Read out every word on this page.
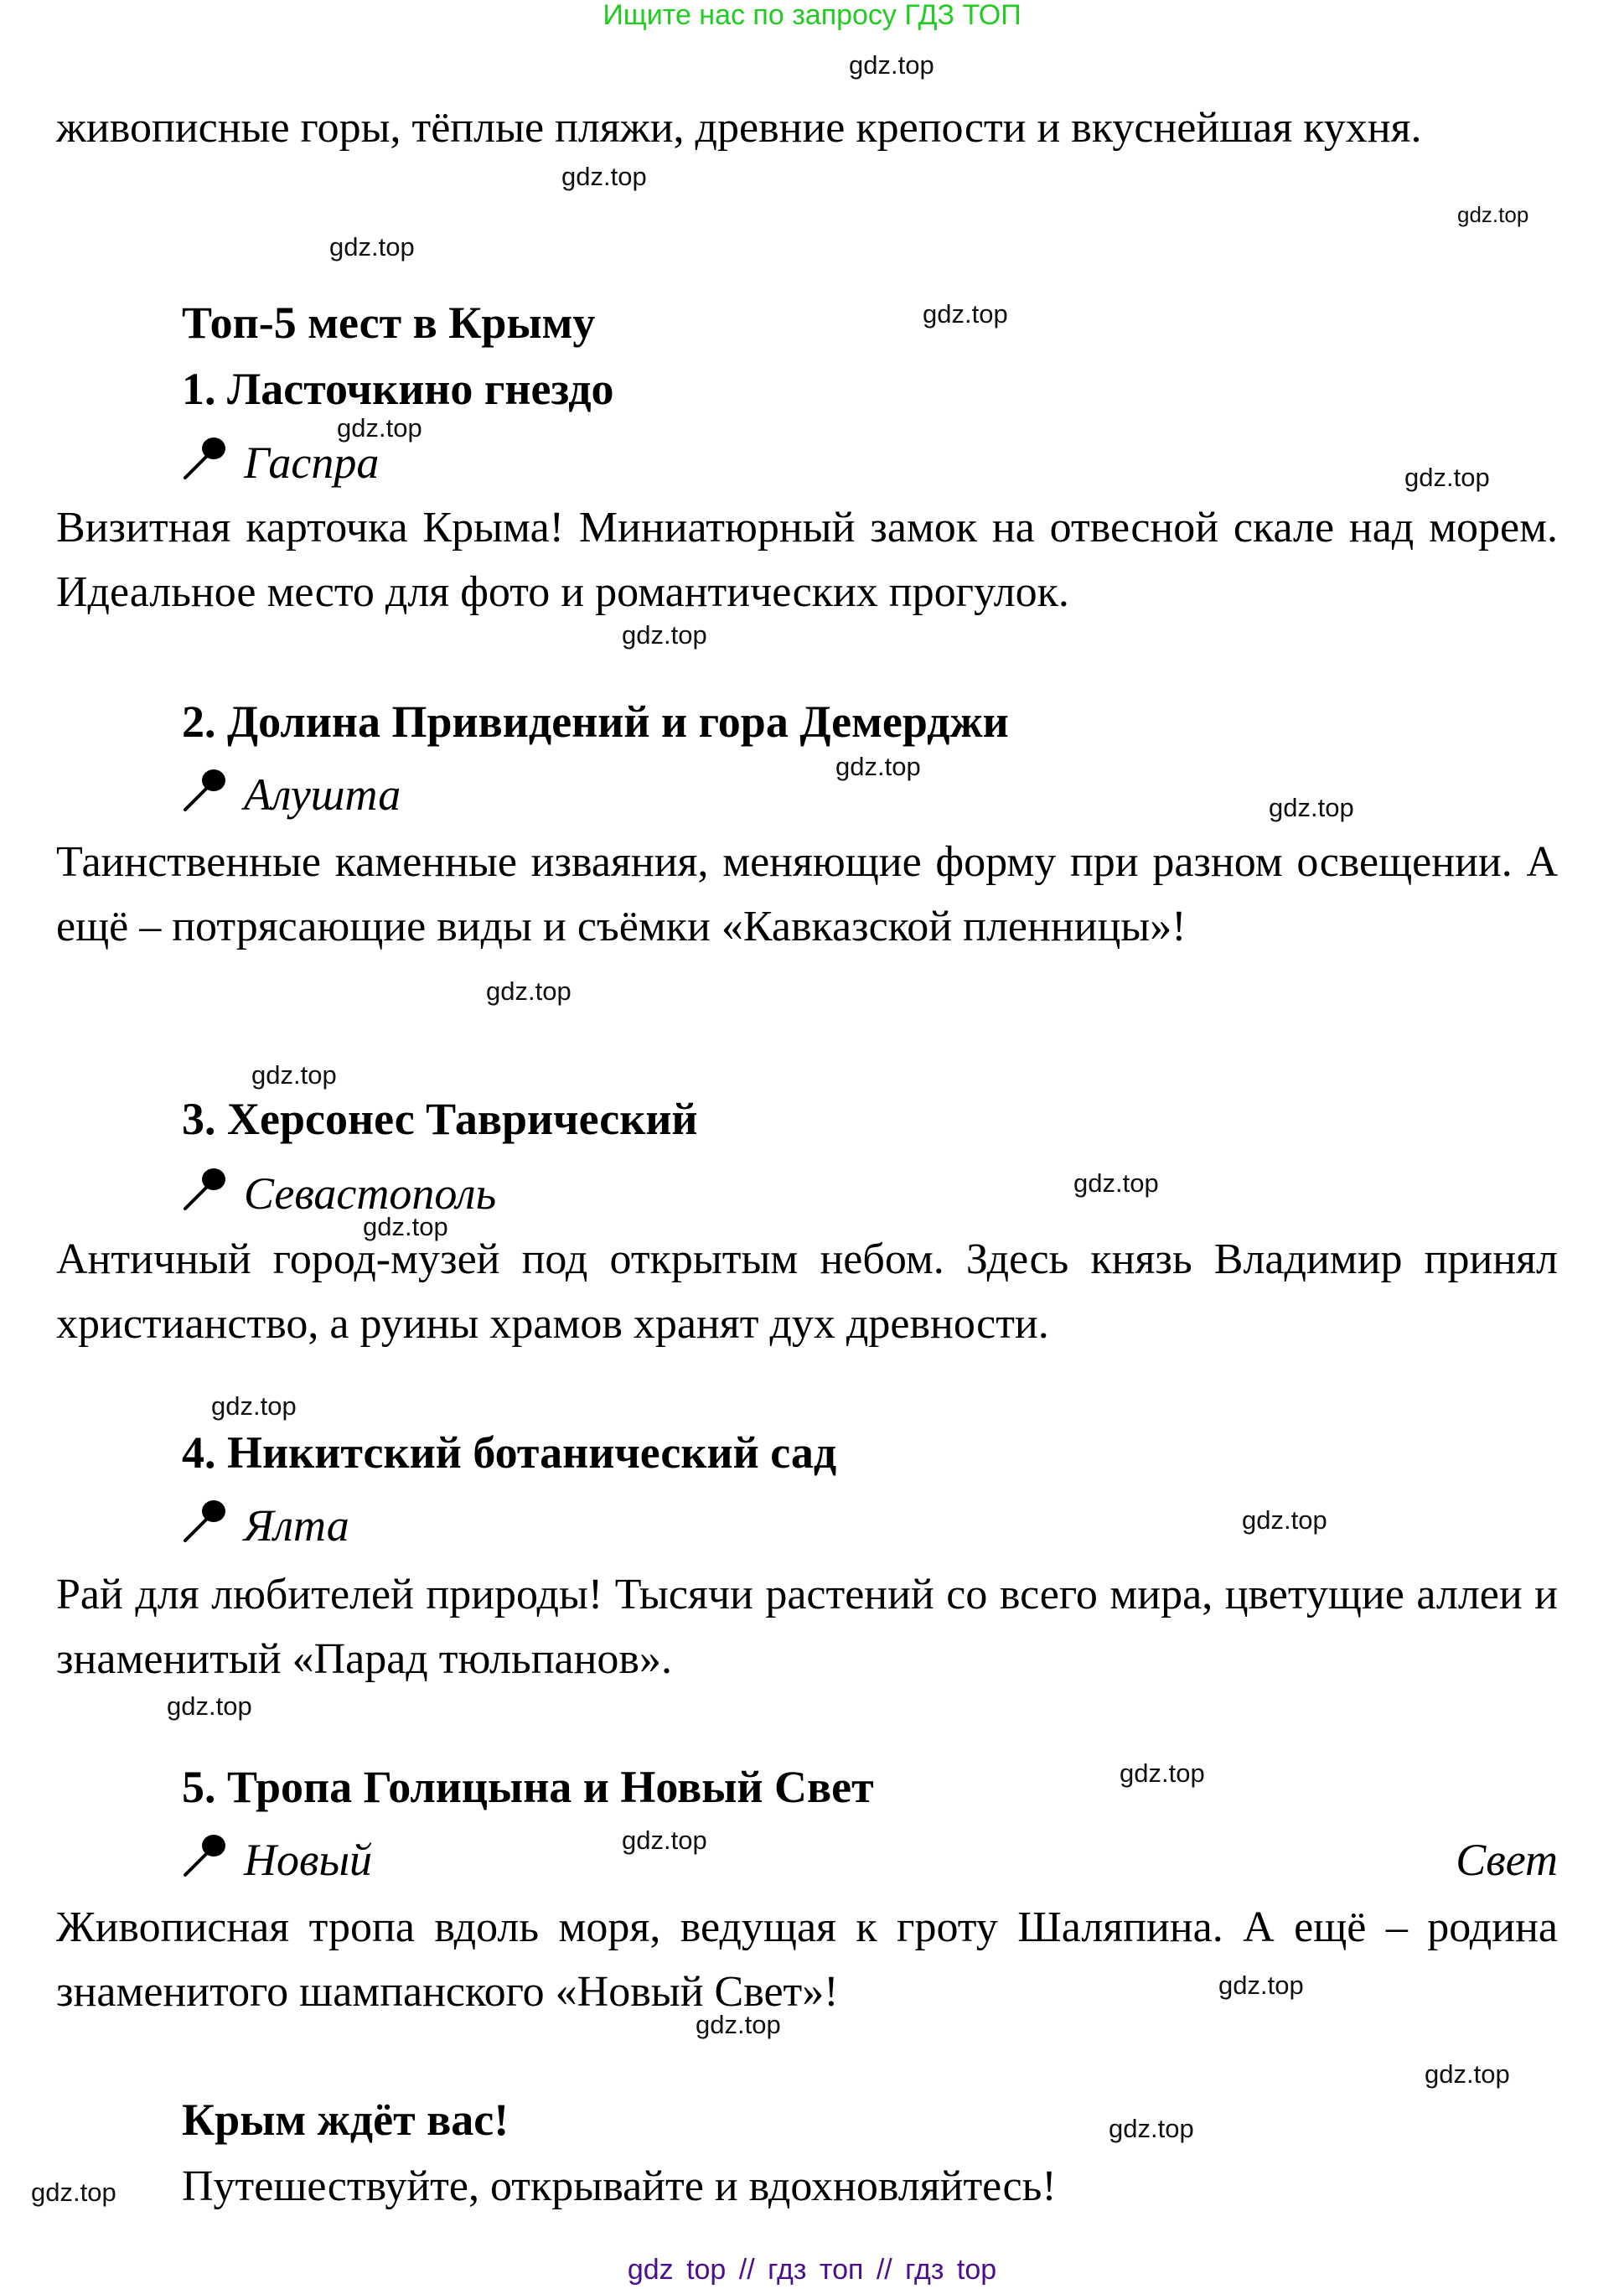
Ищите нас по запросу ГДЗ ТОП
живописные горы, тёплые пляжи, древние крепости и вкуснейшая кухня.
Топ-5 мест в Крыму
1. Ласточкино гнездо
Гаспра
Визитная карточка Крыма! Миниатюрный замок на отвесной скале над морем. Идеальное место для фото и романтических прогулок.
2. Долина Привидений и гора Демерджи
Алушта
Таинственные каменные изваяния, меняющие форму при разном освещении. А ещё – потрясающие виды и съёмки «Кавказской пленницы»!
3. Херсонес Таврический
Севастополь
Античный город-музей под открытым небом. Здесь князь Владимир принял христианство, а руины храмов хранят дух древности.
4. Никитский ботанический сад
Ялта
Рай для любителей природы! Тысячи растений со всего мира, цветущие аллеи и знаменитый «Парад тюльпанов».
5. Тропа Голицына и Новый Свет
Новый	Свет
Живописная тропа вдоль моря, ведущая к гроту Шаляпина. А ещё – родина знаменитого шампанского «Новый Свет»!
Крым ждёт вас!
Путешествуйте, открывайте и вдохновляйтесь!
gdz top // гдз топ // гдз top
gdz.top
gdz.top
gdz.top
gdz.top
gdz.top
gdz.top
gdz.top
gdz.top
gdz.top
gdz.top
gdz.top
gdz.top
gdz.top
gdz.top
gdz.top
gdz.top
gdz.top
gdz.top
gdz.top
gdz.top
gdz.top
gdz.top
gdz.top
gdz.top
